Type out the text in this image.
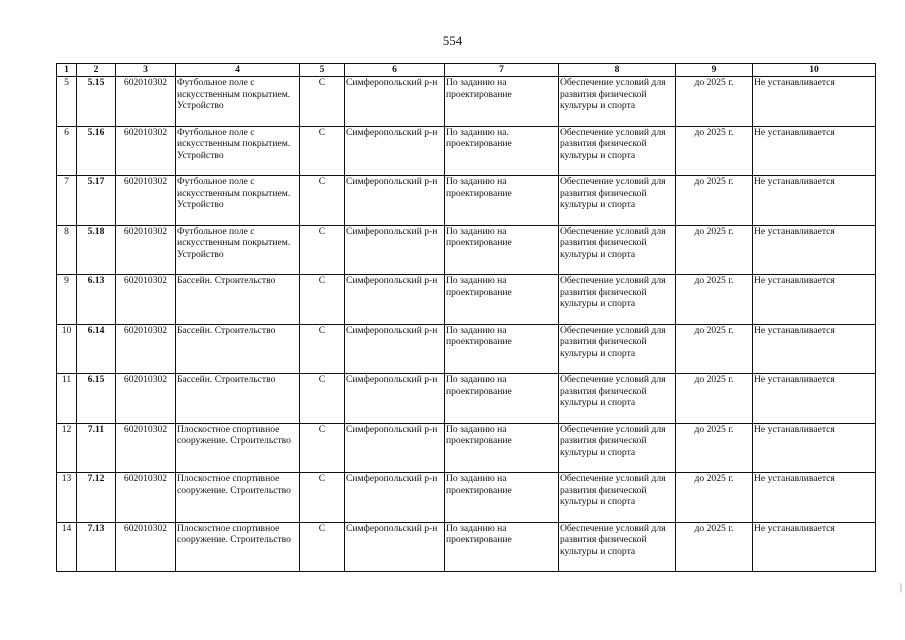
554
1	2	3	4	5	6	7	8	9	10
5	5.15	602010302	Футбольное поле с искусственным покрытием. Устройство	С	Симферопольский р-н	По заданию на проектирование	Обеспечение условий для развития физической культуры и спорта	до 2025 г.	Не устанавливается
6	5.16	602010302	Футбольное поле с искусственным покрытием. Устройство	С	Симферопольский р-н	По заданию на. проектирование	Обеспечение условий для развития физической культуры и спорта	до 2025 г.	Не устанавливается
7	5.17	602010302	Футбольное поле с искусственным покрытием. Устройство	С	Симферопольский р-н	По заданию на проектирование	Обеспечение условий для развития физической культуры и спорта	до 2025 г.	Не устанавливается
8	5.18	602010302	Футбольное поле с искусственным покрытием. Устройство	С	Симферопольский р-н	По заданию на проектирование	Обеспечение условий для развития физической культуры и спорта	до 2025 г.	Не устанавливается
9	6.13	602010302	Бассейн. Строительство	С	Симферопольский р-н	По заданию на проектирование	Обеспечение условий для развития физической культуры и спорта	до 2025 г.	Не устанавливается
10	6.14	602010302	Бассейн. Строительство	С	Симферопольский р-н	По заданию на проектирование	Обеспечение условий для развития физической культуры и спорта	до 2025 г.	Не устанавливается
11	6.15	602010302	Бассейн. Строительство	С	Симферопольский р-н	По заданию на проектирование	Обеспечение условий для развития физической культуры и спорта	до 2025 г.	Не устанавливается
12	7.11	602010302	Плоскостное спортивное сооружение. Строительство	С	Симферопольский р-н	По заданию на проектирование	Обеспечение условий для развития физической культуры и спорта	до 2025 г.	Не устанавливается
13	7.12	602010302	Плоскостное спортивное сооружение. Строительство	С	Симферопольский р-н	По заданию на проектирование	Обеспечение условий для развития физической культуры и спорта	до 2025 г.	Не устанавливается
14	7.13	602010302	Плоскостное спортивное сооружение. Строительство	С	Симферопольский р-н	По заданию на проектирование	Обеспечение условий для развития физической культуры и спорта	до 2025 г.	Не устанавливается
|
